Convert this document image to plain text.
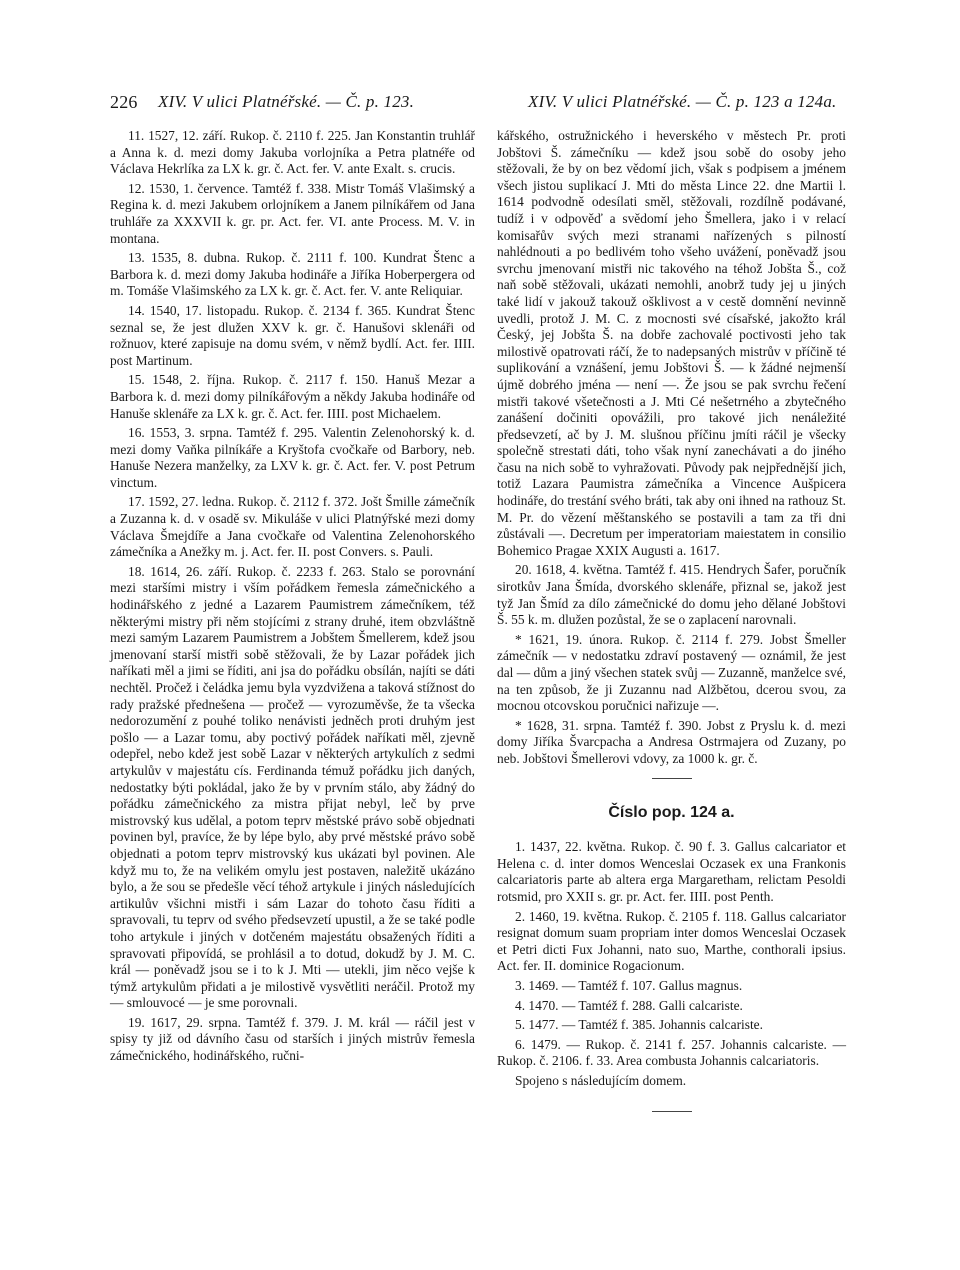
226 XIV. V ulici Platnéřské. — Č. p. 123.	XIV. V ulici Platnéřské. — Č. p. 123 a 124a.

11. 1527, 12. září. Rukop. č. 2110 f. 225. Jan Konstantin truhlář a Anna k. d. mezi domy Jakuba vorlojníka a Petra platnéře od Václava Hekrlíka za LX k. gr. č. Act. fer. V. ante Exalt. s. crucis.

12. 1530, 1. července. Tamtéž f. 338. Mistr Tomáš Vlašimský a Regina k. d. mezi Jakubem orlojníkem a Janem pilníkářem od Jana truhláře za XXXVII k. gr. pr. Act. fer. VI. ante Process. M. V. in montana.

13. 1535, 8. dubna. Rukop. č. 2111 f. 100. Kundrat Štenc a Barbora k. d. mezi domy Jakuba hodináře a Jiříka Hoberpergera od m. Tomáše Vlašimského za LX k. gr. č. Act. fer. V. ante Reliquiar.

14. 1540, 17. listopadu. Rukop. č. 2134 f. 365. Kundrat Štenc seznal se, že jest dlužen XXV k. gr. č. Hanušovi sklenáři od rožnuov, které zapisuje na domu svém, v němž bydlí. Act. fer. IIII. post Martinum.

15. 1548, 2. října. Rukop. č. 2117 f. 150. Hanuš Mezar a Barbora k. d. mezi domy pilníkářovým a někdy Jakuba hodináře od Hanuše sklenáře za LX k. gr. č. Act. fer. IIII. post Michaelem.

16. 1553, 3. srpna. Tamtéž f. 295. Valentin Zelenohorský k. d. mezi domy Vaňka pilníkáře a Kryštofa cvočkaře od Barbory, neb. Hanuše Nezera manželky, za LXV k. gr. č. Act. fer. V. post Petrum vinctum.

17. 1592, 27. ledna. Rukop. č. 2112 f. 372. Jošt Šmille zámečník a Zuzanna k. d. v osadě sv. Mikuláše v ulici Platnýřské mezi domy Václava Šmejdíře a Jana cvočkaře od Valentina Zelenohorského zámečníka a Anežky m. j. Act. fer. II. post Convers. s. Pauli.

18. 1614, 26. září. Rukop. č. 2233 f. 263. Stalo se porovnání mezi staršími mistry i vším pořádkem řemesla zámečnického a hodinářského z jedné a Lazarem Paumistrem zámečníkem, též některými mistry při něm stojícími z strany druhé, item obzvláštně mezi samým Lazarem Paumistrem a Jobštem Šmellerem, kdež jsou jmenovaní starší mistři sobě stěžovali, že by Lazar pořádek jich naříkati měl a jimi se říditi, ani jsa do pořádku obsílán, najíti se dáti nechtěl. Pročež i čeládka jemu byla vyzdvižena a taková stížnost do rady pražské přednešena — pročež — vyrozuměvše, že ta všecka nedorozumění z pouhé toliko nenávisti jedněch proti druhým jest pošlo — a Lazar tomu, aby poctivý pořádek naříkati měl, zjevně odepřel, nebo kdež jest sobě Lazar v některých artykulích z sedmi artykulův v majestátu cís. Ferdinanda témuž pořádku jich daných, nedostatky býti pokládal, jako že by v prvním stálo, aby žádný do pořádku zámečnického za mistra přijat nebyl, leč by prve mistrovský kus udělal, a potom teprv městské právo sobě objednati povinen byl, pravíce, že by lépe bylo, aby prvé městské právo sobě objednati a potom teprv mistrovský kus ukázati byl povinen. Ale když mu to, že na velikém omylu jest postaven, naležitě ukázáno bylo, a že sou se předešle věcí téhož artykule i jiných následujících artikulův všichni mistři i sám Lazar do tohoto času říditi a spravovali, tu teprv od svého předsevzetí upustil, a že se také podle toho artykule i jiných v dotčeném majestátu obsažených říditi a spravovati připovídá, se prohlásil a to dotud, dokudž by J. M. C. král — poněvadž jsou se i to k J. Mti — utekli, jim něco vejše k týmž artykulům přidati a je milostivě vysvětliti neráčil. Protož my — smlouvocé — je sme porovnali.

19. 1617, 29. srpna. Tamtéž f. 379. J. M. král — ráčil jest v spisy ty již od dávního času od starších i jiných mistrův řemesla zámečnického, hodinářského, ručni-

kářského, ostružnického i heverského v městech Pr. proti Jobštovi Š. zámečníku — kdež jsou sobě do osoby jeho stěžovali, že by on bez vědomí jich, však s podpisem a jménem všech jistou suplikací J. Mti do města Lince 22. dne Martii l. 1614 podvodně odesílati směl, stěžovali, rozdílně podávané, tudíž i v odpověď a svědomí jeho Šmellera, jako i v relací komisařův svých mezi stranami nařízených s pilností nahlédnouti a po bedlivém toho všeho uvážení, poněvadž jsou svrchu jmenovaní mistři nic takového na téhož Jobšta Š., což naň sobě stěžovali, ukázati nemohli, anobrž tudy jej u jiných také lidí v jakouž takouž ošklivost a v cestě domnění nevinně uvedli, protož J. M. C. z mocnosti své císařské, jakožto král Český, jej Jobšta Š. na dobře zachovalé poctivosti jeho tak milostivě opatrovati ráčí, že to nadepsaných mistrův v příčině té suplikování a vznášení, jemu Jobštovi Š. — k žádné nejmenší újmě dobrého jména — není —. Že jsou se pak svrchu řečení mistři takové všetečnosti a J. Mti Cé nešetrného a zbytečného zanášení dočiniti opovážili, pro takové jich nenáležité předsevzetí, ač by J. M. slušnou příčinu jmíti ráčil je všecky společně strestati dáti, toho však nyní zanechávati a do jiného času na nich sobě to vyhražovati. Původy pak nejpřednější jich, totiž Lazara Paumistra zámečníka a Vincence Aušpicera hodináře, do trestání svého bráti, tak aby oni ihned na rathouz St. M. Pr. do vězení měštanského se postavili a tam za tři dni zůstávali —. Decretum per imperatoriam maiestatem in consilio Bohemico Pragae XXIX Augusti a. 1617.

20. 1618, 4. května. Tamtéž f. 415. Hendrych Šafer, poručník sirotkův Jana Šmída, dvorského sklenáře, přiznal se, jakož jest tyž Jan Šmíd za dílo zámečnické do domu jeho dělané Jobštovi Š. 55 k. m. dlužen pozůstal, že se o zaplacení narovnali.

* 1621, 19. února. Rukop. č. 2114 f. 279. Jobst Šmeller zámečník — v nedostatku zdraví postavený — oznámil, že jest dal — dům a jiný všechen statek svůj — Zuzanně, manželce své, na ten způsob, že ji Zuzannu nad Alžbětou, dcerou svou, za mocnou otcovskou poručnici nařizuje —.

* 1628, 31. srpna. Tamtéž f. 390. Jobst z Pryslu k. d. mezi domy Jiříka Švarcpacha a Andresa Ostrmajera od Zuzany, po neb. Jobštovi Šmellerovi vdovy, za 1000 k. gr. č.

Číslo pop. 124 a.

1. 1437, 22. května. Rukop. č. 90 f. 3. Gallus calcariator et Helena c. d. inter domos Wenceslai Oczasek ex una Frankonis calcariatoris parte ab altera erga Margaretham, relictam Pesoldi rotsmid, pro XXII s. gr. pr. Act. fer. IIII. post Penth.

2. 1460, 19. května. Rukop. č. 2105 f. 118. Gallus calcariator resignat domum suam propriam inter domos Wenceslai Oczasek et Petri dicti Fux Johanni, nato suo, Marthe, conthorali ipsius. Act. fer. II. dominice Rogacionum.

3. 1469. — Tamtéž f. 107. Gallus magnus.

4. 1470. — Tamtéž f. 288. Galli calcariste.

5. 1477. — Tamtéž f. 385. Johannis calcariste.

6. 1479. — Rukop. č. 2141 f. 257. Johannis calcariste. — Rukop. č. 2106. f. 33. Area combusta Johannis calcariatoris.

Spojeno s následujícím domem.
